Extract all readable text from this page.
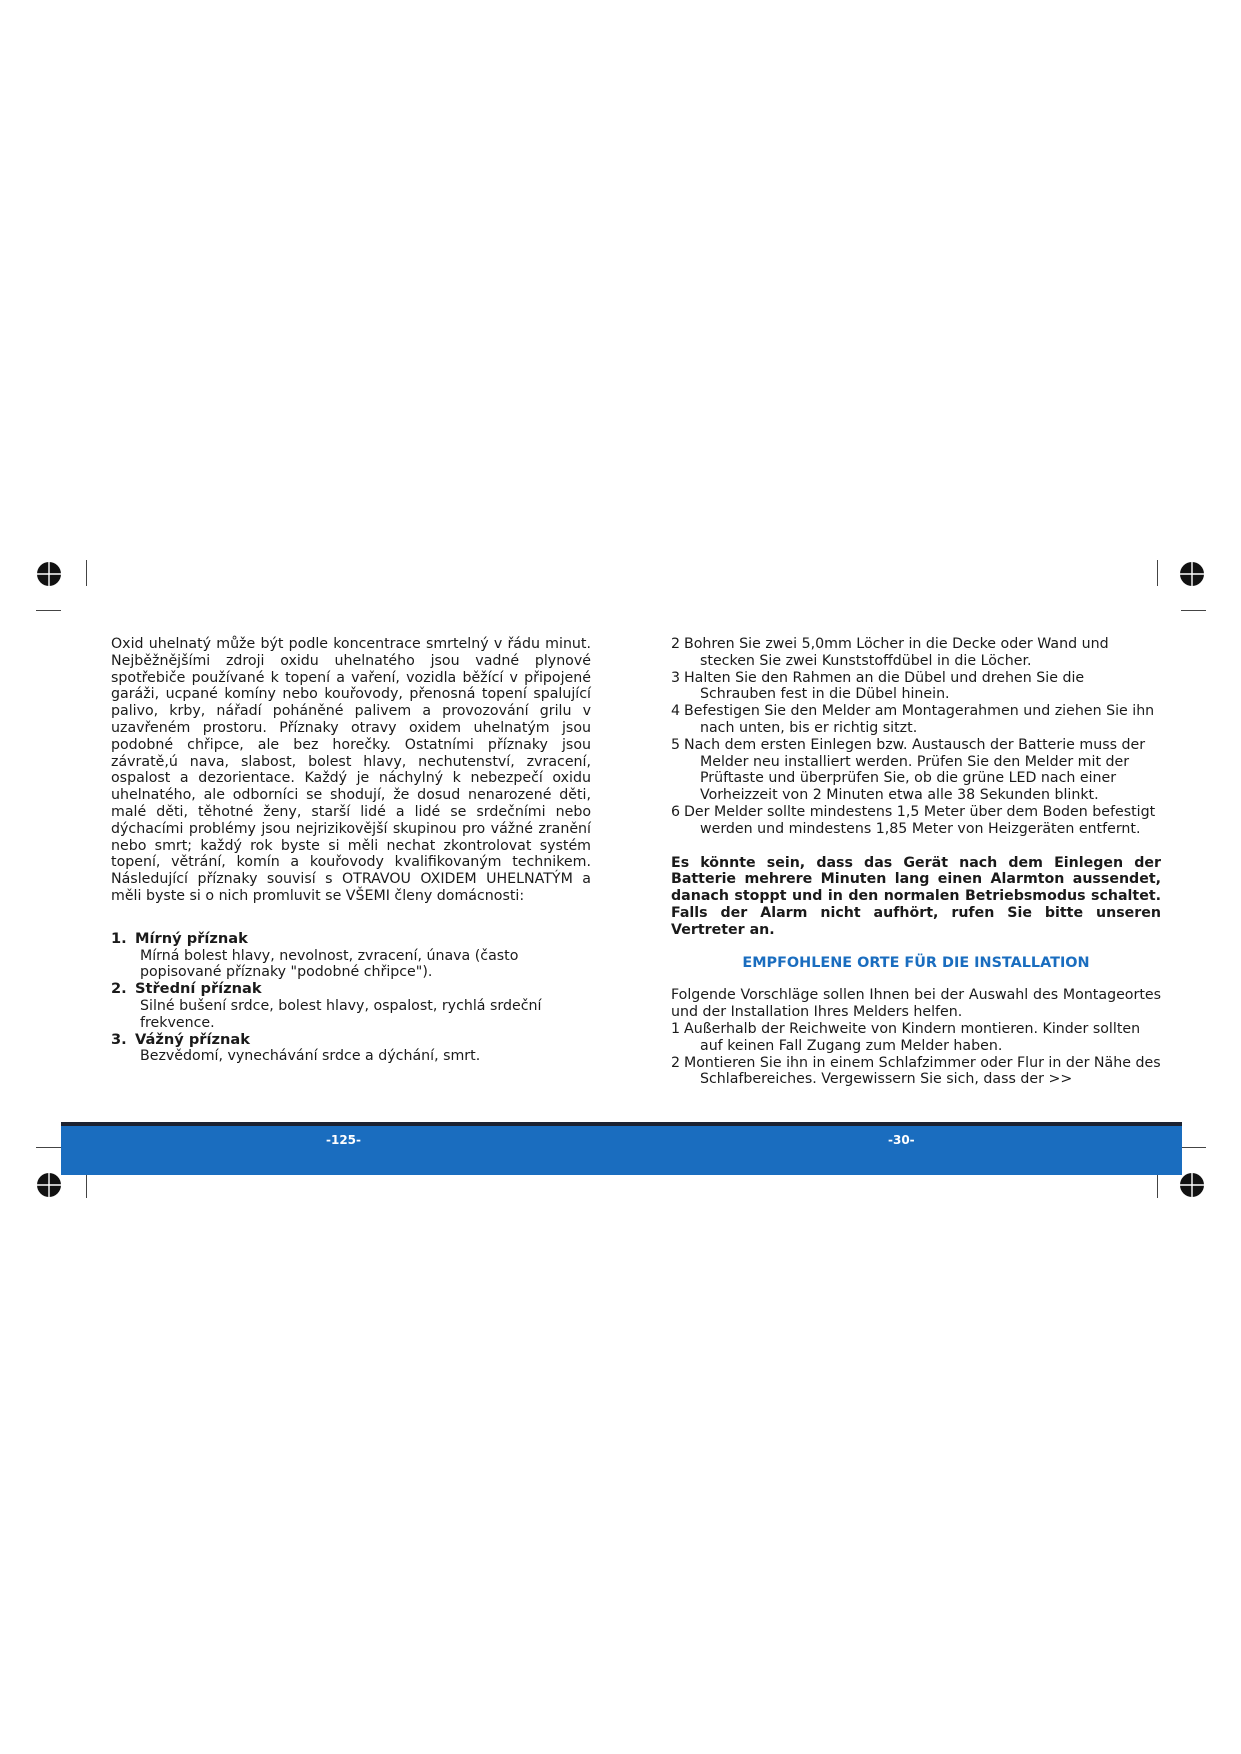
Oxid uhelnatý může být podle koncentrace smrtelný v řádu minut. Nejběžnějšími zdroji oxidu uhelnatého jsou vadné plynové spotřebiče používané k topení a vaření, vozidla běžící v připojené garáži, ucpané komíny nebo kouřovody, přenosná topení spalující palivo, krby, nářadí poháněné palivem a provozování grilu v uzavřeném prostoru. Příznaky otravy oxidem uhelnatým jsou podobné chřipce, ale bez horečky. Ostatními příznaky jsou závratě,ú nava, slabost, bolest hlavy, nechutenství, zvracení, ospalost a dezorientace. Každý je náchylný k nebezpečí oxidu uhelnatého, ale odborníci se shodují, že dosud nenarozené děti, malé děti, těhotné ženy, starší lidé a lidé se srdečními nebo dýchacími problémy jsou nejrizikovější skupinou pro vážné zranění nebo smrt; každý rok byste si měli nechat zkontrolovat systém topení, větrání, komín a kouřovody kvalifikovaným technikem. Následující příznaky souvisí s OTRAVOU OXIDEM UHELNATÝM a měli byste si o nich promluvit se VŠEMI členy domácnosti:

1. Mírný příznak
Mírná bolest hlavy, nevolnost, zvracení, únava (často popisované příznaky "podobné chřipce").
2. Střední příznak
Silné bušení srdce, bolest hlavy, ospalost, rychlá srdeční frekvence.
3. Vážný příznak
Bezvědomí, vynechávání srdce a dýchání, smrt.

2 Bohren Sie zwei 5,0mm Löcher in die Decke oder Wand und stecken Sie zwei Kunststoffdübel in die Löcher.

3 Halten Sie den Rahmen an die Dübel und drehen Sie die Schrauben fest in die Dübel hinein.

4 Befestigen Sie den Melder am Montagerahmen und ziehen Sie ihn nach unten, bis er richtig sitzt.

5 Nach dem ersten Einlegen bzw. Austausch der Batterie muss der Melder neu installiert werden. Prüfen Sie den Melder mit der Prüftaste und überprüfen Sie, ob die grüne LED nach einer Vorheizzeit von 2 Minuten etwa alle 38 Sekunden blinkt.

6 Der Melder sollte mindestens 1,5 Meter über dem Boden befestigt werden und mindestens 1,85 Meter von Heizgeräten entfernt.

Es könnte sein, dass das Gerät nach dem Einlegen der Batterie mehrere Minuten lang einen Alarmton aussendet, danach stoppt und in den normalen Betriebsmodus schaltet. Falls der Alarm nicht aufhört, rufen Sie bitte unseren Vertreter an.

EMPFOHLENE ORTE FÜR DIE INSTALLATION

Folgende Vorschläge sollen Ihnen bei der Auswahl des Montageortes und der Installation Ihres Melders helfen.

1 Außerhalb der Reichweite von Kindern montieren. Kinder sollten auf keinen Fall Zugang zum Melder haben.

2 Montieren Sie ihn in einem Schlafzimmer oder Flur in der Nähe des Schlafbereiches. Vergewissern Sie sich, dass der >>

-125-	-30-
